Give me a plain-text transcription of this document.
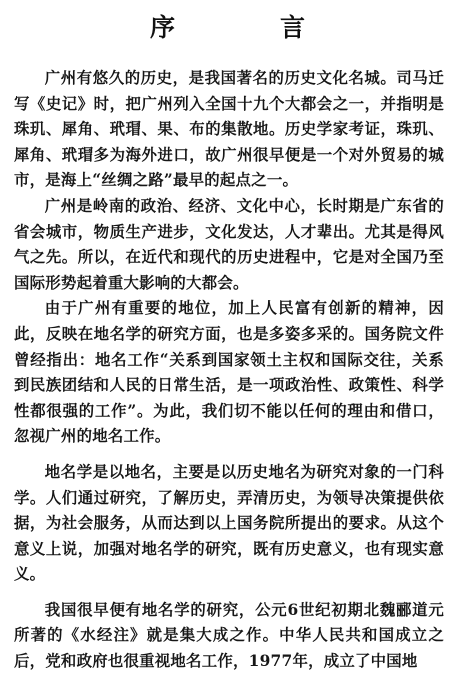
序　言

广州有悠久的历史，是我国著名的历史文化名城。司马迁写《史记》时，把广州列入全国十九个大都会之一，并指明是珠玑、犀角、玳瑁、果、布的集散地。历史学家考证，珠玑、犀角、玳瑁多为海外进口，故广州很早便是一个对外贸易的城市，是海上“丝绸之路”最早的起点之一。

广州是岭南的政治、经济、文化中心，长时期是广东省的省会城市，物质生产进步，文化发达，人才辈出。尤其是得风气之先。所以，在近代和现代的历史进程中，它是对全国乃至国际形势起着重大影响的大都会。

由于广州有重要的地位，加上人民富有创新的精神，因此，反映在地名学的研究方面，也是多姿多采的。国务院文件曾经指出：地名工作“关系到国家领土主权和国际交往，关系到民族团结和人民的日常生活，是一项政治性、政策性、科学性都很强的工作”。为此，我们切不能以任何的理由和借口，忽视广州的地名工作。

地名学是以地名，主要是以历史地名为研究对象的一门科学。人们通过研究，了解历史，弄清历史，为领导决策提供依据，为社会服务，从而达到以上国务院所提出的要求。从这个意义上说，加强对地名学的研究，既有历史意义，也有现实意义。

我国很早便有地名学的研究，公元6世纪初期北魏郦道元所著的《水经注》就是集大成之作。中华人民共和国成立之后，党和政府也很重视地名工作，1977年，成立了中国地
